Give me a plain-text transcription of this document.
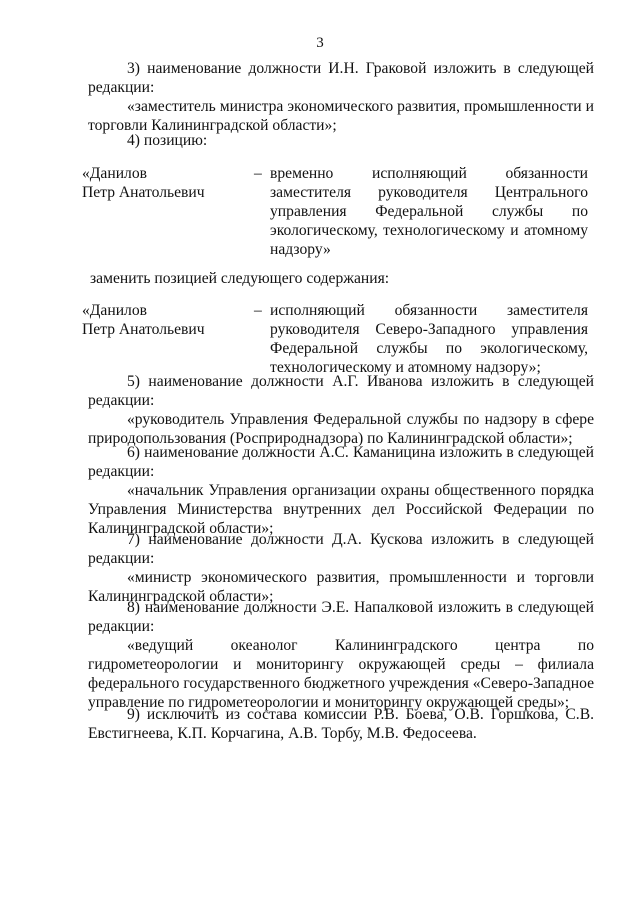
3

3) наименование должности И.Н. Граковой изложить в следующей редакции:

«заместитель министра экономического развития, промышленности и торговли Калининградской области»;

4) позицию:

«Данилов
Петр Анатольевич
– временно исполняющий обязанности заместителя руководителя Центрального управления Федеральной службы по экологическому, технологическому и атомному надзору»

заменить позицией следующего содержания:

«Данилов
Петр Анатольевич
– исполняющий обязанности заместителя руководителя Северо-Западного управления Федеральной службы по экологическому, технологическому и атомному надзору»;

5) наименование должности А.Г. Иванова изложить в следующей редакции:

«руководитель Управления Федеральной службы по надзору в сфере природопользования (Росприроднадзора) по Калининградской области»;

6) наименование должности А.С. Каманицина изложить в следующей редакции:

«начальник Управления организации охраны общественного порядка Управления Министерства внутренних дел Российской Федерации по Калининградской области»;

7) наименование должности Д.А. Кускова изложить в следующей редакции:

«министр экономического развития, промышленности и торговли Калининградской области»;

8) наименование должности Э.Е. Напалковой изложить в следующей редакции:

«ведущий океанолог Калининградского центра по гидрометеорологии и мониторингу окружающей среды – филиала федерального государственного бюджетного учреждения «Северо-Западное управление по гидрометеорологии и мониторингу окружающей среды»;

9) исключить из состава комиссии Р.В. Боева, О.В. Горшкова, С.В. Евстигнеева, К.П. Корчагина, А.В. Торбу, М.В. Федосеева.
